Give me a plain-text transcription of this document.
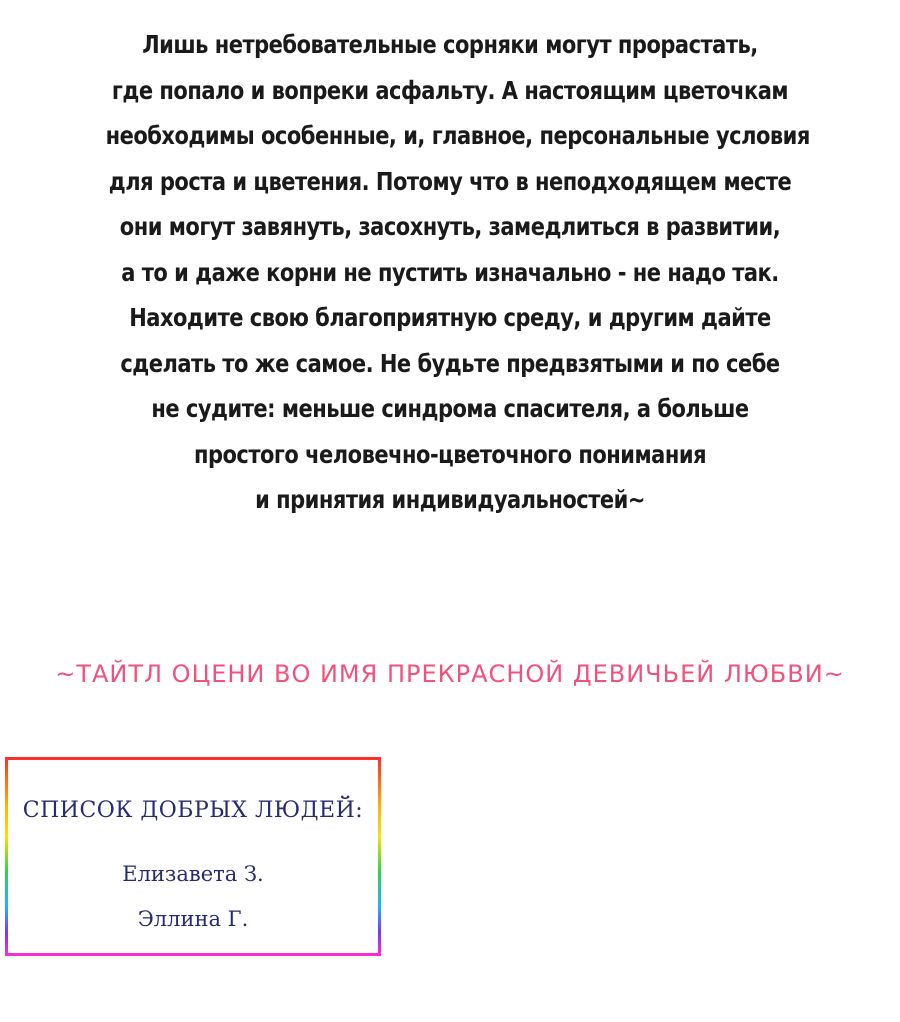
Лишь нетребовательные сорняки могут прорастать,
где попало и вопреки асфальту. А настоящим цветочкам
необходимы особенные, и, главное, персональные условия
для роста и цветения. Потому что в неподходящем месте
они могут завянуть, засохнуть, замедлиться в развитии,
а то и даже корни не пустить изначально - не надо так.
Находите свою благоприятную среду, и другим дайте
сделать то же самое. Не будьте предвзятыми и по себе
не судите: меньше синдрома спасителя, а больше
простого человечно-цветочного понимания
и принятия индивидуальностей~
~ТАЙТЛ ОЦЕНИ ВО ИМЯ ПРЕКРАСНОЙ ДЕВИЧЬЕЙ ЛЮБВИ~
СПИСОК ДОБРЫХ ЛЮДЕЙ:
Елизавета З.
Эллина Г.
